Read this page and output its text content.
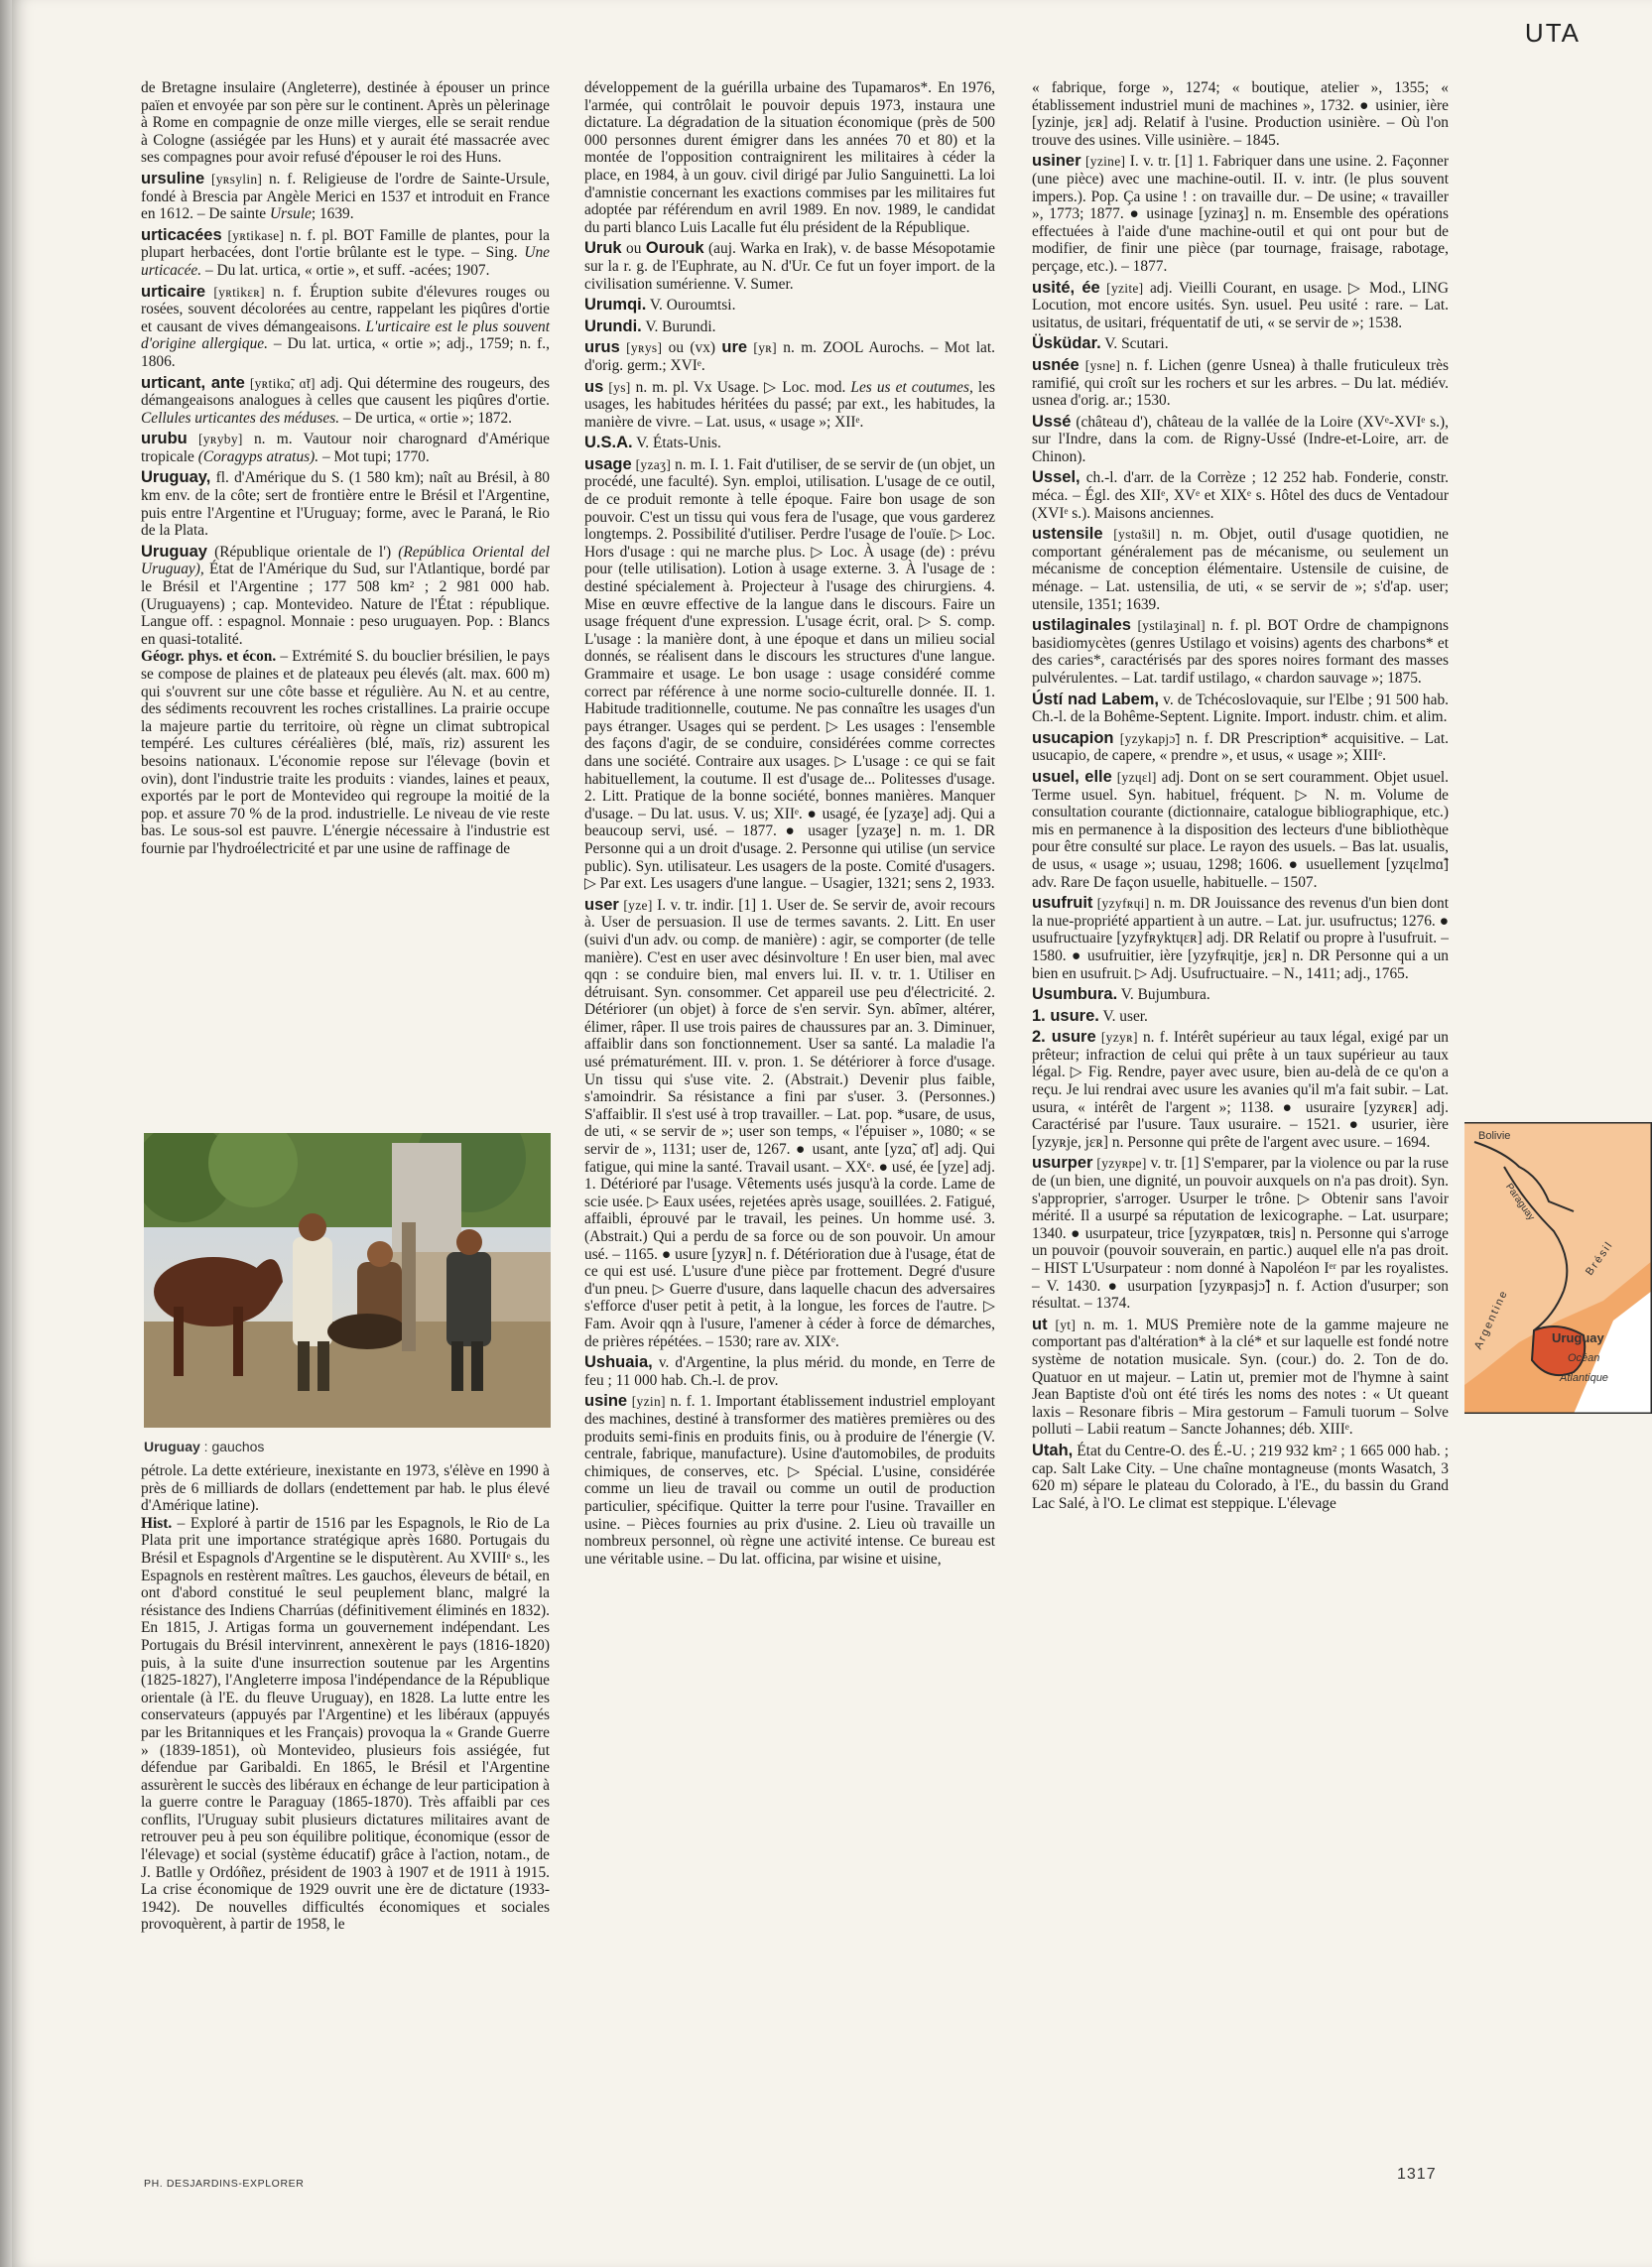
UTA

de Bretagne insulaire (Angleterre), destinée à épouser un prince païen et envoyée par son père sur le continent. Après un pèlerinage à Rome en compagnie de onze mille vierges, elle se serait rendue à Cologne (assiégée par les Huns) et y aurait été massacrée avec ses compagnes pour avoir refusé d'épouser le roi des Huns.

ursuline [yʀsylin] n. f. Religieuse de l'ordre de Sainte-Ursule, fondé à Brescia par Angèle Merici en 1537 et introduit en France en 1612. – De sainte Ursule; 1639.

urticacées [yʀtikase] n. f. pl. BOT Famille de plantes, pour la plupart herbacées, dont l'ortie brûlante est le type. – Sing. Une urticacée. – Du lat. urtica, « ortie », et suff. -acées; 1907.

urticaire [yʀtikɛʀ] n. f. Éruption subite d'élevures rouges ou rosées, souvent décolorées au centre, rappelant les piqûres d'ortie et causant de vives démangeaisons. L'urticaire est le plus souvent d'origine allergique. – Du lat. urtica, « ortie »; adj., 1759; n. f., 1806.

urticant, ante [yʀtikɑ̃, ɑ̃t] adj. Qui détermine des rougeurs, des démangeaisons analogues à celles que causent les piqûres d'ortie. Cellules urticantes des méduses. – De urtica, « ortie »; 1872.

urubu [yʀyby] n. m. Vautour noir charognard d'Amérique tropicale (Coragyps atratus). – Mot tupi; 1770.

Uruguay, fl. d'Amérique du S. (1 580 km); naît au Brésil, à 80 km env. de la côte; sert de frontière entre le Brésil et l'Argentine, puis entre l'Argentine et l'Uruguay; forme, avec le Paraná, le Rio de la Plata.

Uruguay (République orientale de l') (República Oriental del Uruguay), État de l'Amérique du Sud, sur l'Atlantique, bordé par le Brésil et l'Argentine ; 177 508 km² ; 2 981 000 hab. (Uruguayens) ; cap. Montevideo. Nature de l'État : république. Langue off. : espagnol. Monnaie : peso uruguayen. Pop. : Blancs en quasi-totalité.
Géogr. phys. et écon. – Extrémité S. du bouclier brésilien, le pays se compose de plaines et de plateaux peu élevés (alt. max. 600 m) qui s'ouvrent sur une côte basse et régulière. Au N. et au centre, des sédiments recouvrent les roches cristallines. La prairie occupe la majeure partie du territoire, où règne un climat subtropical tempéré. Les cultures céréalières (blé, maïs, riz) assurent les besoins nationaux. L'économie repose sur l'élevage (bovin et ovin), dont l'industrie traite les produits : viandes, laines et peaux, exportés par le port de Montevideo qui regroupe la moitié de la pop. et assure 70 % de la prod. industrielle. Le niveau de vie reste bas. Le sous-sol est pauvre. L'énergie nécessaire à l'industrie est fournie par l'hydroélectricité et par une usine de raffinage de

Uruguay : gauchos

pétrole. La dette extérieure, inexistante en 1973, s'élève en 1990 à près de 6 milliards de dollars (endettement par hab. le plus élevé d'Amérique latine).

Hist. – Exploré à partir de 1516 par les Espagnols, le Rio de La Plata prit une importance stratégique après 1680. Portugais du Brésil et Espagnols d'Argentine se le disputèrent. Au XVIIIᵉ s., les Espagnols en restèrent maîtres. Les gauchos, éleveurs de bétail, en ont d'abord constitué le seul peuplement blanc, malgré la résistance des Indiens Charrúas (définitivement éliminés en 1832). En 1815, J. Artigas forma un gouvernement indépendant. Les Portugais du Brésil intervinrent, annexèrent le pays (1816-1820) puis, à la suite d'une insurrection soutenue par les Argentins (1825-1827), l'Angleterre imposa l'indépendance de la République orientale (à l'E. du fleuve Uruguay), en 1828. La lutte entre les conservateurs (appuyés par l'Argentine) et les libéraux (appuyés par les Britanniques et les Français) provoqua la « Grande Guerre » (1839-1851), où Montevideo, plusieurs fois assiégée, fut défendue par Garibaldi. En 1865, le Brésil et l'Argentine assurèrent le succès des libéraux en échange de leur participation à la guerre contre le Paraguay (1865-1870). Très affaibli par ces conflits, l'Uruguay subit plusieurs dictatures militaires avant de retrouver peu à peu son équilibre politique, économique (essor de l'élevage) et social (système éducatif) grâce à l'action, notam., de J. Batlle y Ordóñez, président de 1903 à 1907 et de 1911 à 1915. La crise économique de 1929 ouvrit une ère de dictature (1933-1942). De nouvelles difficultés économiques et sociales provoquèrent, à partir de 1958, le

développement de la guérilla urbaine des Tupamaros*. En 1976, l'armée, qui contrôlait le pouvoir depuis 1973, instaura une dictature. La dégradation de la situation économique (près de 500 000 personnes durent émigrer dans les années 70 et 80) et la montée de l'opposition contraignirent les militaires à céder la place, en 1984, à un gouv. civil dirigé par Julio Sanguinetti. La loi d'amnistie concernant les exactions commises par les militaires fut adoptée par référendum en avril 1989. En nov. 1989, le candidat du parti blanco Luis Lacalle fut élu président de la République.

Uruk ou Ourouk (auj. Warka en Irak), v. de basse Mésopotamie sur la r. g. de l'Euphrate, au N. d'Ur. Ce fut un foyer import. de la civilisation sumérienne. V. Sumer.

Urumqi. V. Ouroumtsi.

Urundi. V. Burundi.

urus [yʀys] ou (vx) ure [yʀ] n. m. ZOOL Aurochs. – Mot lat. d'orig. germ.; XVIᵉ.

us [ys] n. m. pl. Vx Usage. ▷ Loc. mod. Les us et coutumes, les usages, les habitudes héritées du passé; par ext., les habitudes, la manière de vivre. – Lat. usus, « usage »; XIIᵉ.

U.S.A. V. États-Unis.

usage [yzaʒ] n. m. I. 1. Fait d'utiliser, de se servir de (un objet, un procédé, une faculté). Syn. emploi, utilisation. L'usage de ce outil, de ce produit remonte à telle époque. Faire bon usage de son pouvoir. C'est un tissu qui vous fera de l'usage, que vous garderez longtemps. 2. Possibilité d'utiliser. Perdre l'usage de l'ouïe. ▷ Loc. Hors d'usage : qui ne marche plus. ▷ Loc. À usage (de) : prévu pour (telle utilisation). Lotion à usage externe. 3. À l'usage de : destiné spécialement à. Projecteur à l'usage des chirurgiens. 4. Mise en œuvre effective de la langue dans le discours. Faire un usage fréquent d'une expression. L'usage écrit, oral. ▷ S. comp. L'usage : la manière dont, à une époque et dans un milieu social donnés, se réalisent dans le discours les structures d'une langue. Grammaire et usage. Le bon usage : usage considéré comme correct par référence à une norme socio-culturelle donnée. II. 1. Habitude traditionnelle, coutume. Ne pas connaître les usages d'un pays étranger. Usages qui se perdent. ▷ Les usages : l'ensemble des façons d'agir, de se conduire, considérées comme correctes dans une société. Contraire aux usages. ▷ L'usage : ce qui se fait habituellement, la coutume. Il est d'usage de... Politesses d'usage. 2. Litt. Pratique de la bonne société, bonnes manières. Manquer d'usage. – Du lat. usus. V. us; XIIᵉ. ● usagé, ée [yzaʒe] adj. Qui a beaucoup servi, usé. – 1877. ● usager [yzaʒe] n. m. 1. DR Personne qui a un droit d'usage. 2. Personne qui utilise (un service public). Syn. utilisateur. Les usagers de la poste. Comité d'usagers. ▷ Par ext. Les usagers d'une langue. – Usagier, 1321; sens 2, 1933.

user [yze] I. v. tr. indir. [1] 1. User de. Se servir de, avoir recours à. User de persuasion. Il use de termes savants. 2. Litt. En user (suivi d'un adv. ou comp. de manière) : agir, se comporter (de telle manière). C'est en user avec désinvolture ! En user bien, mal avec qqn : se conduire bien, mal envers lui. II. v. tr. 1. Utiliser en détruisant. Syn. consommer. Cet appareil use peu d'électricité. 2. Détériorer (un objet) à force de s'en servir. Syn. abîmer, altérer, élimer, râper. Il use trois paires de chaussures par an. 3. Diminuer, affaiblir dans son fonctionnement. User sa santé. La maladie l'a usé prématurément. III. v. pron. 1. Se détériorer à force d'usage. Un tissu qui s'use vite. 2. (Abstrait.) Devenir plus faible, s'amoindrir. Sa résistance a fini par s'user. 3. (Personnes.) S'affaiblir. Il s'est usé à trop travailler. – Lat. pop. *usare, de usus, de uti, « se servir de »; user son temps, « l'épuiser », 1080; « se servir de », 1131; user de, 1267. ● usant, ante [yzɑ̃, ɑ̃t] adj. Qui fatigue, qui mine la santé. Travail usant. – XXᵉ. ● usé, ée [yze] adj. 1. Détérioré par l'usage. Vêtements usés jusqu'à la corde. Lame de scie usée. ▷ Eaux usées, rejetées après usage, souillées. 2. Fatigué, affaibli, éprouvé par le travail, les peines. Un homme usé. 3. (Abstrait.) Qui a perdu de sa force ou de son pouvoir. Un amour usé. – 1165. ● usure [yzyʀ] n. f. Détérioration due à l'usage, état de ce qui est usé. L'usure d'une pièce par frottement. Degré d'usure d'un pneu. ▷ Guerre d'usure, dans laquelle chacun des adversaires s'efforce d'user petit à petit, à la longue, les forces de l'autre. ▷ Fam. Avoir qqn à l'usure, l'amener à céder à force de démarches, de prières répétées. – 1530; rare av. XIXᵉ.

Ushuaia, v. d'Argentine, la plus mérid. du monde, en Terre de feu ; 11 000 hab. Ch.-l. de prov.

usine [yzin] n. f. 1. Important établissement industriel employant des machines, destiné à transformer des matières premières ou des produits semi-finis en produits finis, ou à produire de l'énergie (V. centrale, fabrique, manufacture). Usine d'automobiles, de produits chimiques, de conserves, etc. ▷ Spécial. L'usine, considérée comme un lieu de travail ou comme un outil de production particulier, spécifique. Quitter la terre pour l'usine. Travailler en usine. – Pièces fournies au prix d'usine. 2. Lieu où travaille un nombreux personnel, où règne une activité intense. Ce bureau est une véritable usine. – Du lat. officina, par wisine et uisine,

« fabrique, forge », 1274; « boutique, atelier », 1355; « établissement industriel muni de machines », 1732. ● usinier, ière [yzinje, jɛʀ] adj. Relatif à l'usine. Production usinière. – Où l'on trouve des usines. Ville usinière. – 1845.

usiner [yzine] I. v. tr. [1] 1. Fabriquer dans une usine. 2. Façonner (une pièce) avec une machine-outil. II. v. intr. (le plus souvent impers.). Pop. Ça usine ! : on travaille dur. – De usine; « travailler », 1773; 1877. ● usinage [yzinaʒ] n. m. Ensemble des opérations effectuées à l'aide d'une machine-outil et qui ont pour but de modifier, de finir une pièce (par tournage, fraisage, rabotage, perçage, etc.). – 1877.

usité, ée [yzite] adj. Vieilli Courant, en usage. ▷ Mod., LING Locution, mot encore usités. Syn. usuel. Peu usité : rare. – Lat. usitatus, de usitari, fréquentatif de uti, « se servir de »; 1538.

Üsküdar. V. Scutari.

usnée [ysne] n. f. Lichen (genre Usnea) à thalle fruticuleux très ramifié, qui croît sur les rochers et sur les arbres. – Du lat. médiév. usnea d'orig. ar.; 1530.

Ussé (château d'), château de la vallée de la Loire (XVᵉ-XVIᵉ s.), sur l'Indre, dans la com. de Rigny-Ussé (Indre-et-Loire, arr. de Chinon).

Ussel, ch.-l. d'arr. de la Corrèze ; 12 252 hab. Fonderie, constr. méca. – Égl. des XIIᵉ, XVᵉ et XIXᵉ s. Hôtel des ducs de Ventadour (XVIᵉ s.). Maisons anciennes.

ustensile [ystɑ̃sil] n. m. Objet, outil d'usage quotidien, ne comportant généralement pas de mécanisme, ou seulement un mécanisme de conception élémentaire. Ustensile de cuisine, de ménage. – Lat. ustensilia, de uti, « se servir de »; s'd'ap. user; utensile, 1351; 1639.

ustilaginales [ystilaʒinal] n. f. pl. BOT Ordre de champignons basidiomycètes (genres Ustilago et voisins) agents des charbons* et des caries*, caractérisés par des spores noires formant des masses pulvérulentes. – Lat. tardif ustilago, « chardon sauvage »; 1875.

Ústí nad Labem, v. de Tchécoslovaquie, sur l'Elbe ; 91 500 hab. Ch.-l. de la Bohême-Septent. Lignite. Import. industr. chim. et alim.

usucapion [yzykapjɔ̃] n. f. DR Prescription* acquisitive. – Lat. usucapio, de capere, « prendre », et usus, « usage »; XIIIᵉ.

usuel, elle [yzɥɛl] adj. Dont on se sert couramment. Objet usuel. Terme usuel. Syn. habituel, fréquent. ▷ N. m. Volume de consultation courante (dictionnaire, catalogue bibliographique, etc.) mis en permanence à la disposition des lecteurs d'une bibliothèque pour être consulté sur place. Le rayon des usuels. – Bas lat. usualis, de usus, « usage »; usuau, 1298; 1606. ● usuellement [yzɥɛlmɑ̃] adv. Rare De façon usuelle, habituelle. – 1507.

usufruit [yzyfʀɥi] n. m. DR Jouissance des revenus d'un bien dont la nue-propriété appartient à un autre. – Lat. jur. usufructus; 1276. ● usufructuaire [yzyfʀyktɥɛʀ] adj. DR Relatif ou propre à l'usufruit. – 1580. ● usufruitier, ière [yzyfʀɥitje, jɛʀ] n. DR Personne qui a un bien en usufruit. ▷ Adj. Usufructuaire. – N., 1411; adj., 1765.

Usumbura. V. Bujumbura.

1. usure. V. user.

2. usure [yzyʀ] n. f. Intérêt supérieur au taux légal, exigé par un prêteur; infraction de celui qui prête à un taux supérieur au taux légal. ▷ Fig. Rendre, payer avec usure, bien au-delà de ce qu'on a reçu. Je lui rendrai avec usure les avanies qu'il m'a fait subir. – Lat. usura, « intérêt de l'argent »; 1138. ● usuraire [yzyʀɛʀ] adj. Caractérisé par l'usure. Taux usuraire. – 1521. ● usurier, ière [yzyʀje, jɛʀ] n. Personne qui prête de l'argent avec usure. – 1694.

usurper [yzyʀpe] v. tr. [1] S'emparer, par la violence ou par la ruse de (un bien, une dignité, un pouvoir auxquels on n'a pas droit). Syn. s'approprier, s'arroger. Usurper le trône. ▷ Obtenir sans l'avoir mérité. Il a usurpé sa réputation de lexicographe. – Lat. usurpare; 1340. ● usurpateur, trice [yzyʀpatœʀ, tʀis] n. Personne qui s'arroge un pouvoir (pouvoir souverain, en partic.) auquel elle n'a pas droit. – HIST L'Usurpateur : nom donné à Napoléon Iᵉʳ par les royalistes. – V. 1430. ● usurpation [yzyʀpasjɔ̃] n. f. Action d'usurper; son résultat. – 1374.

ut [yt] n. m. 1. MUS Première note de la gamme majeure ne comportant pas d'altération* à la clé* et sur laquelle est fondé notre système de notation musicale. Syn. (cour.) do. 2. Ton de do. Quatuor en ut majeur. – Latin ut, premier mot de l'hymne à saint Jean Baptiste d'où ont été tirés les noms des notes : « Ut queant laxis – Resonare fibris – Mira gestorum – Famuli tuorum – Solve polluti – Labii reatum – Sancte Johannes; déb. XIIIᵉ.

Utah, État du Centre-O. des É.-U. ; 219 932 km² ; 1 665 000 hab. ; cap. Salt Lake City. – Une chaîne montagneuse (monts Wasatch, 3 620 m) sépare le plateau du Colorado, à l'E., du bassin du Grand Lac Salé, à l'O. Le climat est steppique. L'élevage

PH. DESJARDINS-EXPLORER
1317
Bolivie
Paraguay
Brésil
Argentine	Uruguay
Océan
Atlantique
